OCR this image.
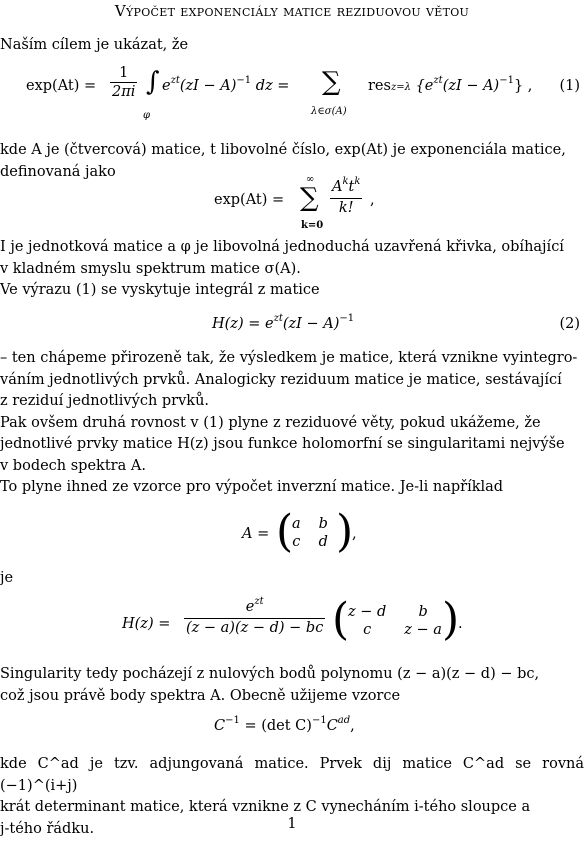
Výpočet exponenciály matice reziduovou větou
Naším cílem je ukázat, že
$\exp(At) = \frac{1}{2\pi i}$ ∫
φ
$e^{zt}(zI - A)^{-1}$ dz = ∑
λ∈σ(A)
resz=λ $\{e^{zt}(zI - A)^{-1}\}$ , (1)
kde A je (čtvercová) matice, t libovolné číslo, exp(At) je exponenciála matice,
definovaná jako
exp(At) =
∞
∑
k=0
$A^kt^k$
k!	,
I je jednotková matice a φ je libovolná jednoduchá uzavřená křivka, obíhající
v kladném smyslu spektrum matice σ(A).
Ve výrazu (1) se vyskytuje integrál z matice
$H(z) = e^{zt}(zI - A)^{-1}$	(2)
– ten chápeme přirozeně tak, že výsledkem je matice, která vznikne vyintegro-
váním jednotlivých prvků. Analogicky reziduum matice je matice, sestávající
z reziduí jednotlivých prvků.
Pak ovšem druhá rovnost v (1) plyne z reziduové věty, pokud ukážeme, že
jednotlivé prvky matice H(z) jsou funkce holomorfní se singularitami nejvýše
v bodech spektra A.
To plyne ihned ze vzorce pro výpočet inverzní matice. Je-li například
A = (
a b
c d )
,
je
H(z) =
$e^{zt}$
(z − a)(z − d) − bc (
z − d	b
c	z − a )
.
Singularity tedy pocházejí z nulových bodů polynomu (z − a)(z − d) − bc,
což jsou právě body spektra A. Obecně užijeme vzorce
$C^{-1} = (\det$ $C)^{-1}C^{ad}$,
kde C^ad je tzv. adjungovaná matice. Prvek dij matice C^ad se rovná (−1)^(i+j)
krát determinant matice, která vznikne z C vynecháním i-tého sloupce a
j-tého řádku.	1
